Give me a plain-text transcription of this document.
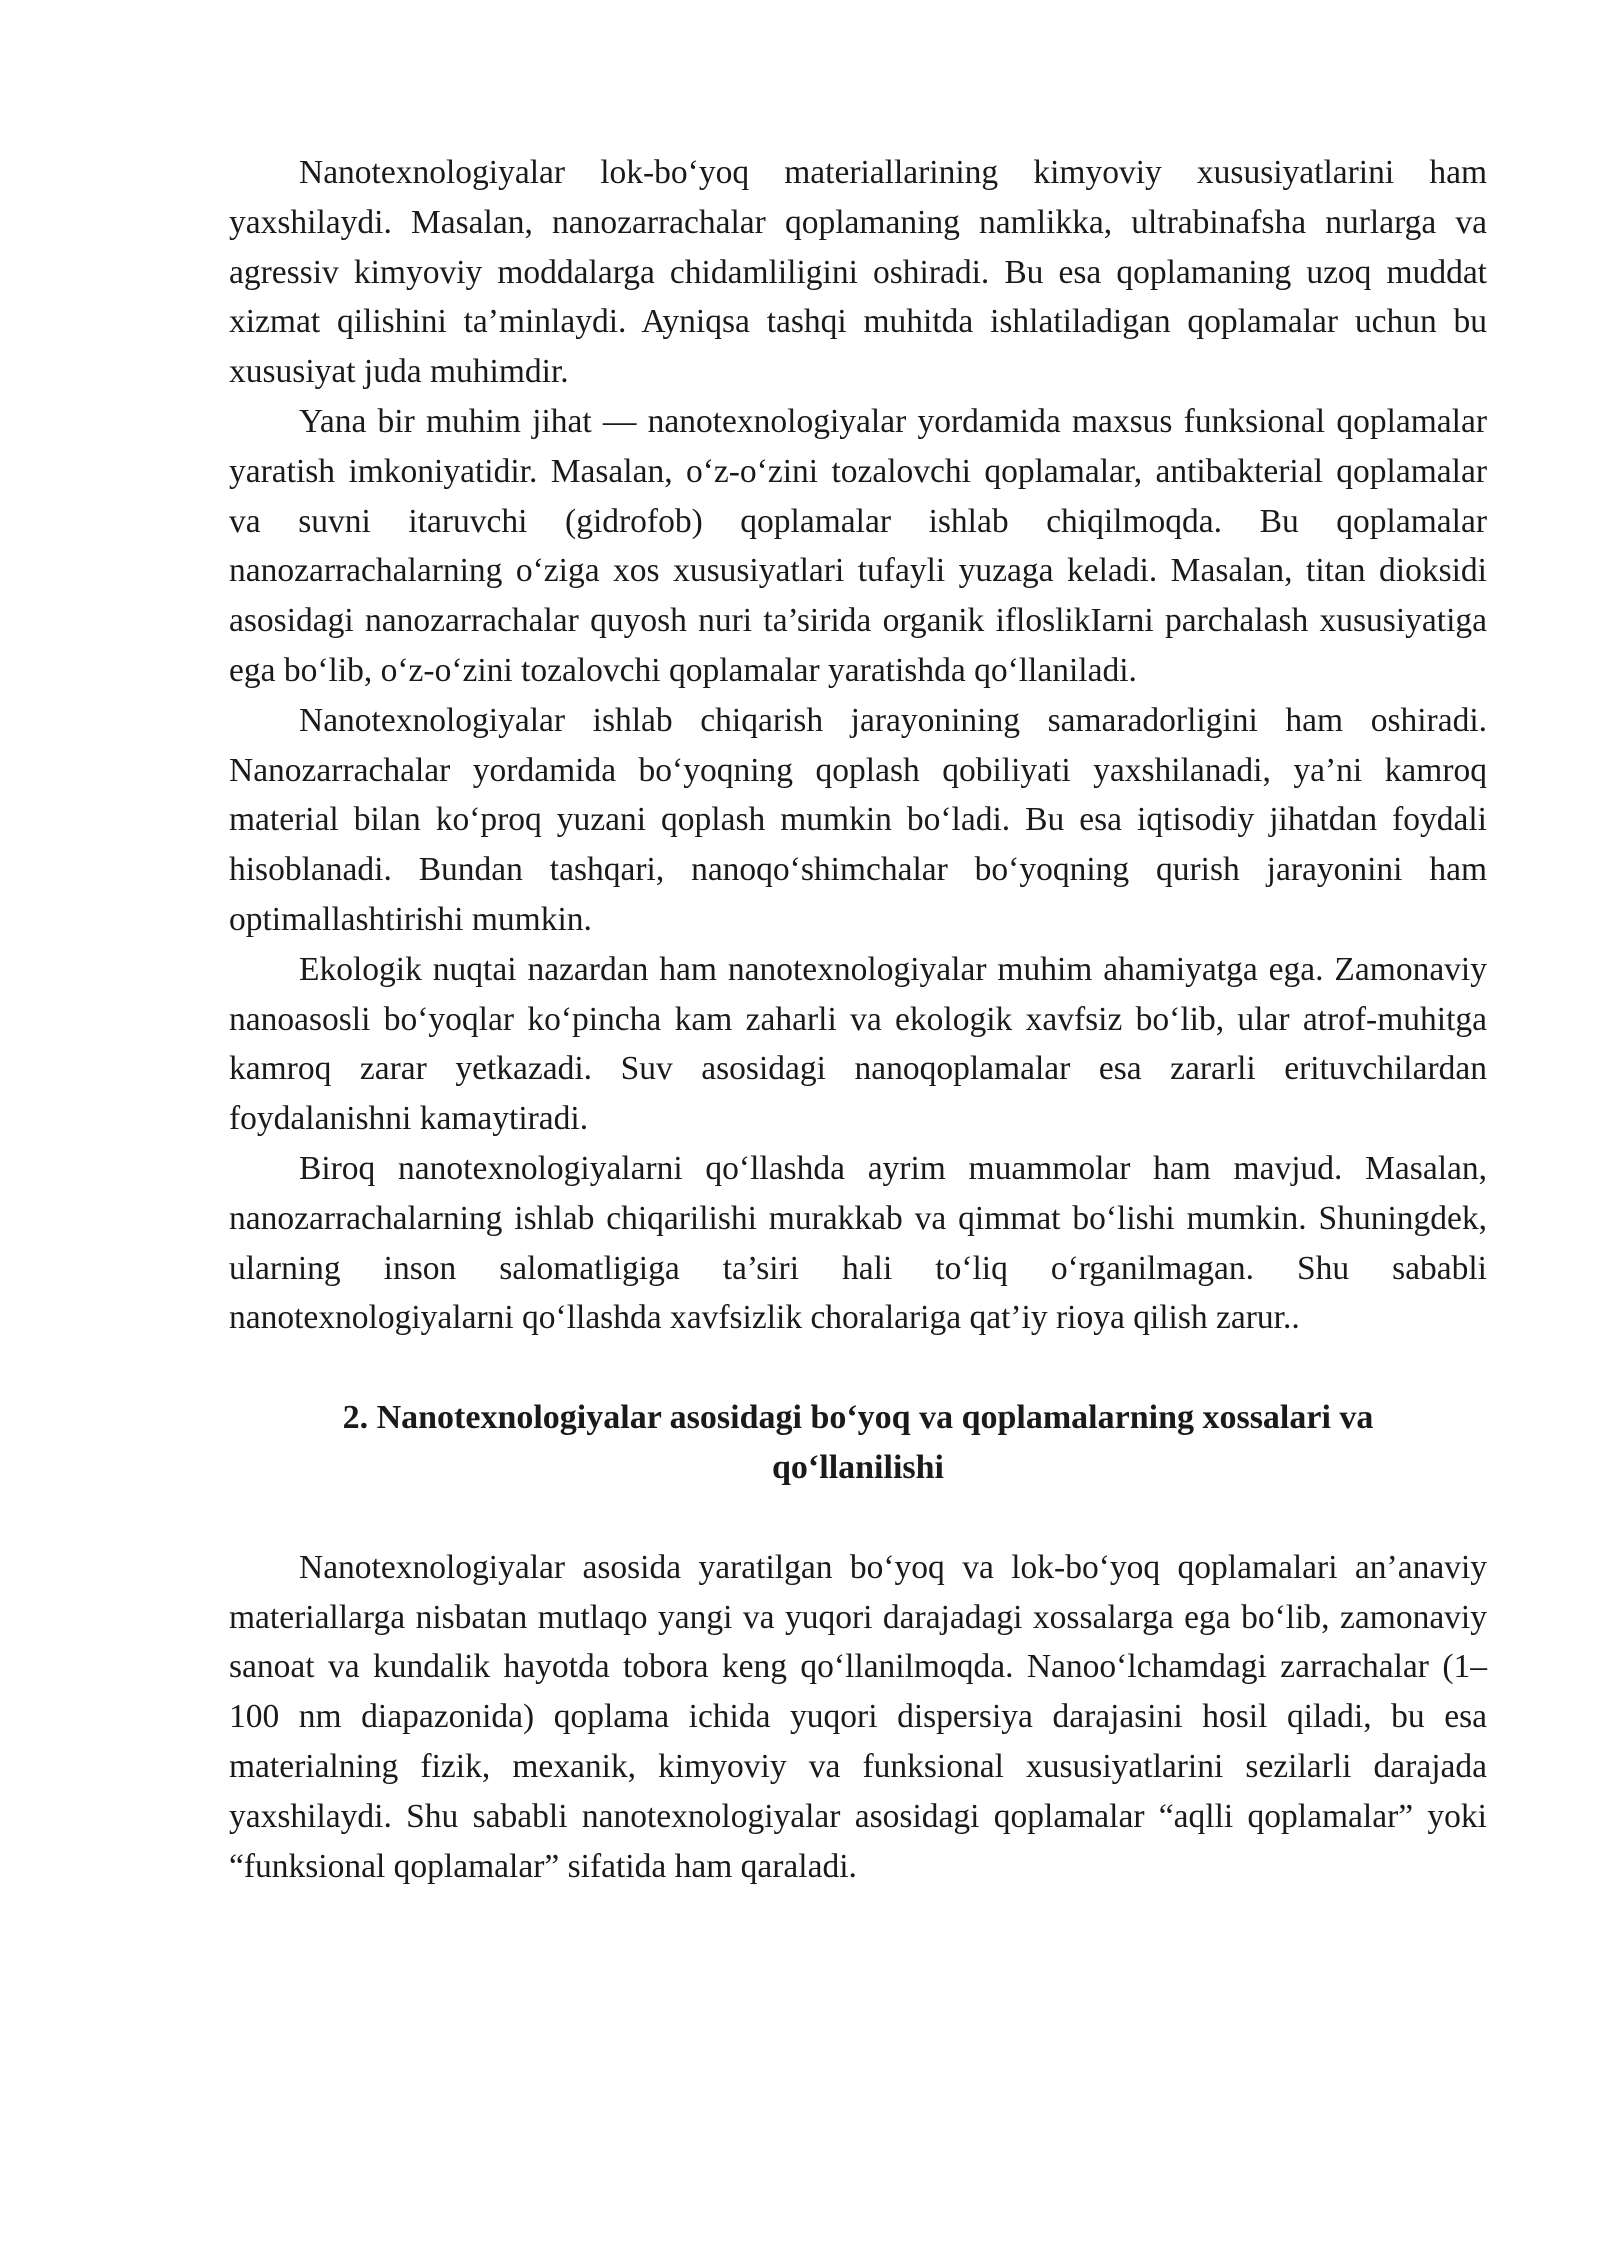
Nanotexnologiyalar lok-bo‘yoq materiallarining kimyoviy xususiyatlarini ham yaxshilaydi. Masalan, nanozarrachalar qoplamaning namlikka, ultrabinafsha nurlarga va agressiv kimyoviy moddalarga chidamliligini oshiradi. Bu esa qoplamaning uzoq muddat xizmat qilishini ta’minlaydi. Ayniqsa tashqi muhitda ishlatiladigan qoplamalar uchun bu xususiyat juda muhimdir.

Yana bir muhim jihat — nanotexnologiyalar yordamida maxsus funksional qoplamalar yaratish imkoniyatidir. Masalan, o‘z-o‘zini tozalovchi qoplamalar, antibakterial qoplamalar va suvni itaruvchi (gidrofob) qoplamalar ishlab chiqilmoqda. Bu qoplamalar nanozarrachalarning o‘ziga xos xususiyatlari tufayli yuzaga keladi. Masalan, titan dioksidi asosidagi nanozarrachalar quyosh nuri ta’sirida organik ifloslikIarni parchalash xususiyatiga ega bo‘lib, o‘z-o‘zini tozalovchi qoplamalar yaratishda qo‘llaniladi.

Nanotexnologiyalar ishlab chiqarish jarayonining samaradorligini ham oshiradi. Nanozarrachalar yordamida bo‘yoqning qoplash qobiliyati yaxshilanadi, ya’ni kamroq material bilan ko‘proq yuzani qoplash mumkin bo‘ladi. Bu esa iqtisodiy jihatdan foydali hisoblanadi. Bundan tashqari, nanoqo‘shimchalar bo‘yoqning qurish jarayonini ham optimallashtirishi mumkin.

Ekologik nuqtai nazardan ham nanotexnologiyalar muhim ahamiyatga ega. Zamonaviy nanoasosli bo‘yoqlar ko‘pincha kam zaharli va ekologik xavfsiz bo‘lib, ular atrof-muhitga kamroq zarar yetkazadi. Suv asosidagi nanoqoplamalar esa zararli erituvchilardan foydalanishni kamaytiradi.

Biroq nanotexnologiyalarni qo‘llashda ayrim muammolar ham mavjud. Masalan, nanozarrachalarning ishlab chiqarilishi murakkab va qimmat bo‘lishi mumkin. Shuningdek, ularning inson salomatligiga ta’siri hali to‘liq o‘rganilmagan. Shu sababli nanotexnologiyalarni qo‘llashda xavfsizlik choralariga qat’iy rioya qilish zarur..

2. Nanotexnologiyalar asosidagi bo‘yoq va qoplamalarning xossalari va qo‘llanilishi

Nanotexnologiyalar asosida yaratilgan bo‘yoq va lok-bo‘yoq qoplamalari an’anaviy materiallarga nisbatan mutlaqo yangi va yuqori darajadagi xossalarga ega bo‘lib, zamonaviy sanoat va kundalik hayotda tobora keng qo‘llanilmoqda. Nanoo‘lchamdagi zarrachalar (1–100 nm diapazonida) qoplama ichida yuqori dispersiya darajasini hosil qiladi, bu esa materialning fizik, mexanik, kimyoviy va funksional xususiyatlarini sezilarli darajada yaxshilaydi. Shu sababli nanotexnologiyalar asosidagi qoplamalar “aqlli qoplamalar” yoki “funksional qoplamalar” sifatida ham qaraladi.
